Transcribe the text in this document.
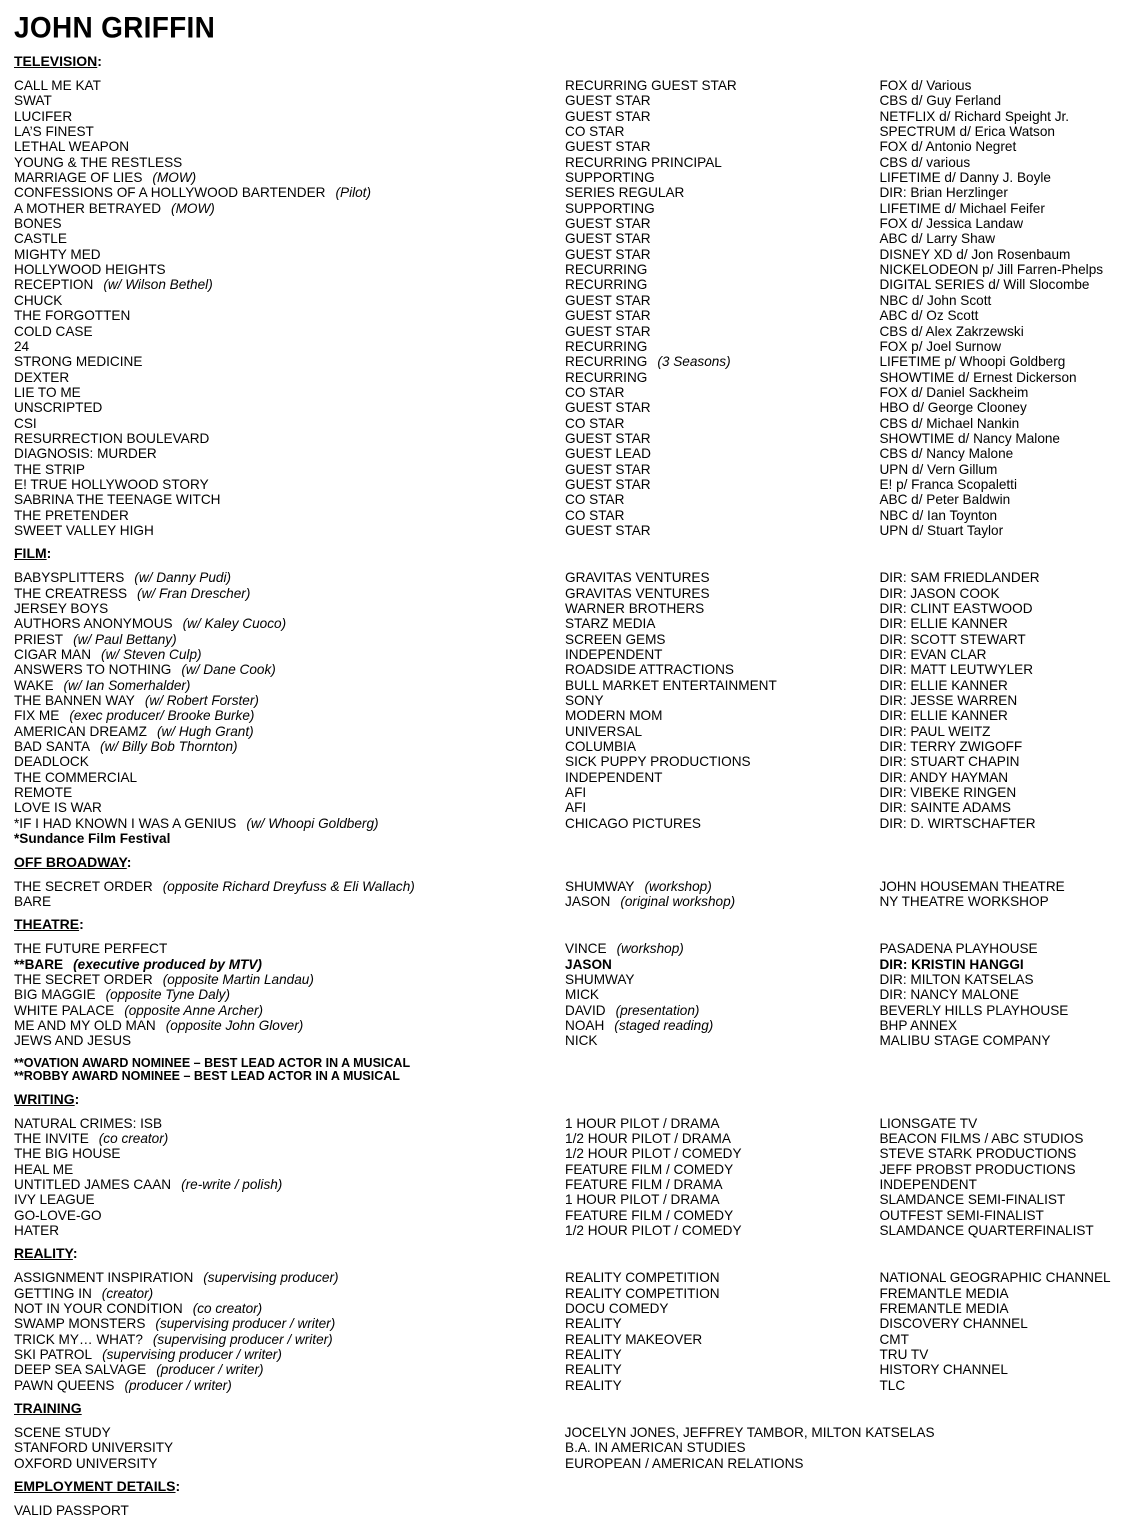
JOHN GRIFFIN
TELEVISION:
CALL ME KAT	RECURRING GUEST STAR	FOX d/ Various
SWAT	GUEST STAR	CBS d/ Guy Ferland
LUCIFER	GUEST STAR	NETFLIX d/ Richard Speight Jr.
LA’S FINEST	CO STAR	SPECTRUM d/ Erica Watson
LETHAL WEAPON	GUEST STAR	FOX d/ Antonio Negret
YOUNG & THE RESTLESS	RECURRING PRINCIPAL	CBS d/ various
MARRIAGE OF LIES (MOW)	SUPPORTING	LIFETIME d/ Danny J. Boyle
CONFESSIONS OF A HOLLYWOOD BARTENDER (Pilot)	SERIES REGULAR	DIR: Brian Herzlinger
A MOTHER BETRAYED (MOW)	SUPPORTING	LIFETIME d/ Michael Feifer
BONES	GUEST STAR	FOX d/ Jessica Landaw
CASTLE	GUEST STAR	ABC d/ Larry Shaw
MIGHTY MED	GUEST STAR	DISNEY XD d/ Jon Rosenbaum
HOLLYWOOD HEIGHTS	RECURRING	NICKELODEON p/ Jill Farren-Phelps
RECEPTION (w/ Wilson Bethel)	RECURRING	DIGITAL SERIES d/ Will Slocombe
CHUCK	GUEST STAR	NBC d/ John Scott
THE FORGOTTEN	GUEST STAR	ABC d/ Oz Scott
COLD CASE	GUEST STAR	CBS d/ Alex Zakrzewski
24	RECURRING	FOX p/ Joel Surnow
STRONG MEDICINE	RECURRING (3 Seasons)	LIFETIME p/ Whoopi Goldberg
DEXTER	RECURRING	SHOWTIME d/ Ernest Dickerson
LIE TO ME	CO STAR	FOX d/ Daniel Sackheim
UNSCRIPTED	GUEST STAR	HBO d/ George Clooney
CSI	CO STAR	CBS d/ Michael Nankin
RESURRECTION BOULEVARD	GUEST STAR	SHOWTIME d/ Nancy Malone
DIAGNOSIS: MURDER	GUEST LEAD	CBS d/ Nancy Malone
THE STRIP	GUEST STAR	UPN d/ Vern Gillum
E! TRUE HOLLYWOOD STORY	GUEST STAR	E! p/ Franca Scopaletti
SABRINA THE TEENAGE WITCH	CO STAR	ABC d/ Peter Baldwin
THE PRETENDER	CO STAR	NBC d/ Ian Toynton
SWEET VALLEY HIGH	GUEST STAR	UPN d/ Stuart Taylor
FILM:
BABYSPLITTERS (w/ Danny Pudi)	GRAVITAS VENTURES	DIR: SAM FRIEDLANDER
THE CREATRESS (w/ Fran Drescher)	GRAVITAS VENTURES	DIR: JASON COOK
JERSEY BOYS	WARNER BROTHERS	DIR: CLINT EASTWOOD
AUTHORS ANONYMOUS (w/ Kaley Cuoco)	STARZ MEDIA	DIR: ELLIE KANNER
PRIEST (w/ Paul Bettany)	SCREEN GEMS	DIR: SCOTT STEWART
CIGAR MAN (w/ Steven Culp)	INDEPENDENT	DIR: EVAN CLAR
ANSWERS TO NOTHING (w/ Dane Cook)	ROADSIDE ATTRACTIONS	DIR: MATT LEUTWYLER
WAKE (w/ Ian Somerhalder)	BULL MARKET ENTERTAINMENT	DIR: ELLIE KANNER
THE BANNEN WAY (w/ Robert Forster)	SONY	DIR: JESSE WARREN
FIX ME (exec producer/ Brooke Burke)	MODERN MOM	DIR: ELLIE KANNER
AMERICAN DREAMZ (w/ Hugh Grant)	UNIVERSAL	DIR: PAUL WEITZ
BAD SANTA (w/ Billy Bob Thornton)	COLUMBIA	DIR: TERRY ZWIGOFF
DEADLOCK	SICK PUPPY PRODUCTIONS	DIR: STUART CHAPIN
THE COMMERCIAL	INDEPENDENT	DIR: ANDY HAYMAN
REMOTE	AFI	DIR: VIBEKE RINGEN
LOVE IS WAR	AFI	DIR: SAINTE ADAMS
*IF I HAD KNOWN I WAS A GENIUS (w/ Whoopi Goldberg)	CHICAGO PICTURES	DIR: D. WIRTSCHAFTER
*Sundance Film Festival
OFF BROADWAY:
THE SECRET ORDER (opposite Richard Dreyfuss & Eli Wallach)	SHUMWAY (workshop)	JOHN HOUSEMAN THEATRE
BARE	JASON (original workshop)	NY THEATRE WORKSHOP
THEATRE:
THE FUTURE PERFECT	VINCE (workshop)	PASADENA PLAYHOUSE
**BARE (executive produced by MTV)	JASON	DIR: KRISTIN HANGGI
THE SECRET ORDER (opposite Martin Landau)	SHUMWAY	DIR: MILTON KATSELAS
BIG MAGGIE (opposite Tyne Daly)	MICK	DIR: NANCY MALONE
WHITE PALACE (opposite Anne Archer)	DAVID (presentation)	BEVERLY HILLS PLAYHOUSE
ME AND MY OLD MAN (opposite John Glover)	NOAH (staged reading)	BHP ANNEX
JEWS AND JESUS	NICK	MALIBU STAGE COMPANY
**OVATION AWARD NOMINEE – BEST LEAD ACTOR IN A MUSICAL
**ROBBY AWARD NOMINEE – BEST LEAD ACTOR IN A MUSICAL
WRITING:
NATURAL CRIMES: ISB	1 HOUR PILOT / DRAMA	LIONSGATE TV
THE INVITE (co creator)	1/2 HOUR PILOT / DRAMA	BEACON FILMS / ABC STUDIOS
THE BIG HOUSE	1/2 HOUR PILOT / COMEDY	STEVE STARK PRODUCTIONS
HEAL ME	FEATURE FILM / COMEDY	JEFF PROBST PRODUCTIONS
UNTITLED JAMES CAAN (re-write / polish)	FEATURE FILM / DRAMA	INDEPENDENT
IVY LEAGUE	1 HOUR PILOT / DRAMA	SLAMDANCE SEMI-FINALIST
GO-LOVE-GO	FEATURE FILM / COMEDY	OUTFEST SEMI-FINALIST
HATER	1/2 HOUR PILOT / COMEDY	SLAMDANCE QUARTERFINALIST
REALITY:
ASSIGNMENT INSPIRATION (supervising producer)	REALITY COMPETITION	NATIONAL GEOGRAPHIC CHANNEL
GETTING IN (creator)	REALITY COMPETITION	FREMANTLE MEDIA
NOT IN YOUR CONDITION (co creator)	DOCU COMEDY	FREMANTLE MEDIA
SWAMP MONSTERS (supervising producer / writer)	REALITY	DISCOVERY CHANNEL
TRICK MY… WHAT? (supervising producer / writer)	REALITY MAKEOVER	CMT
SKI PATROL (supervising producer / writer)	REALITY	TRU TV
DEEP SEA SALVAGE (producer / writer)	REALITY	HISTORY CHANNEL
PAWN QUEENS (producer / writer)	REALITY	TLC
TRAINING
SCENE STUDY	JOCELYN JONES, JEFFREY TAMBOR, MILTON KATSELAS
STANFORD UNIVERSITY	B.A. IN AMERICAN STUDIES
OXFORD UNIVERSITY	EUROPEAN / AMERICAN RELATIONS
EMPLOYMENT DETAILS:
VALID PASSPORT
